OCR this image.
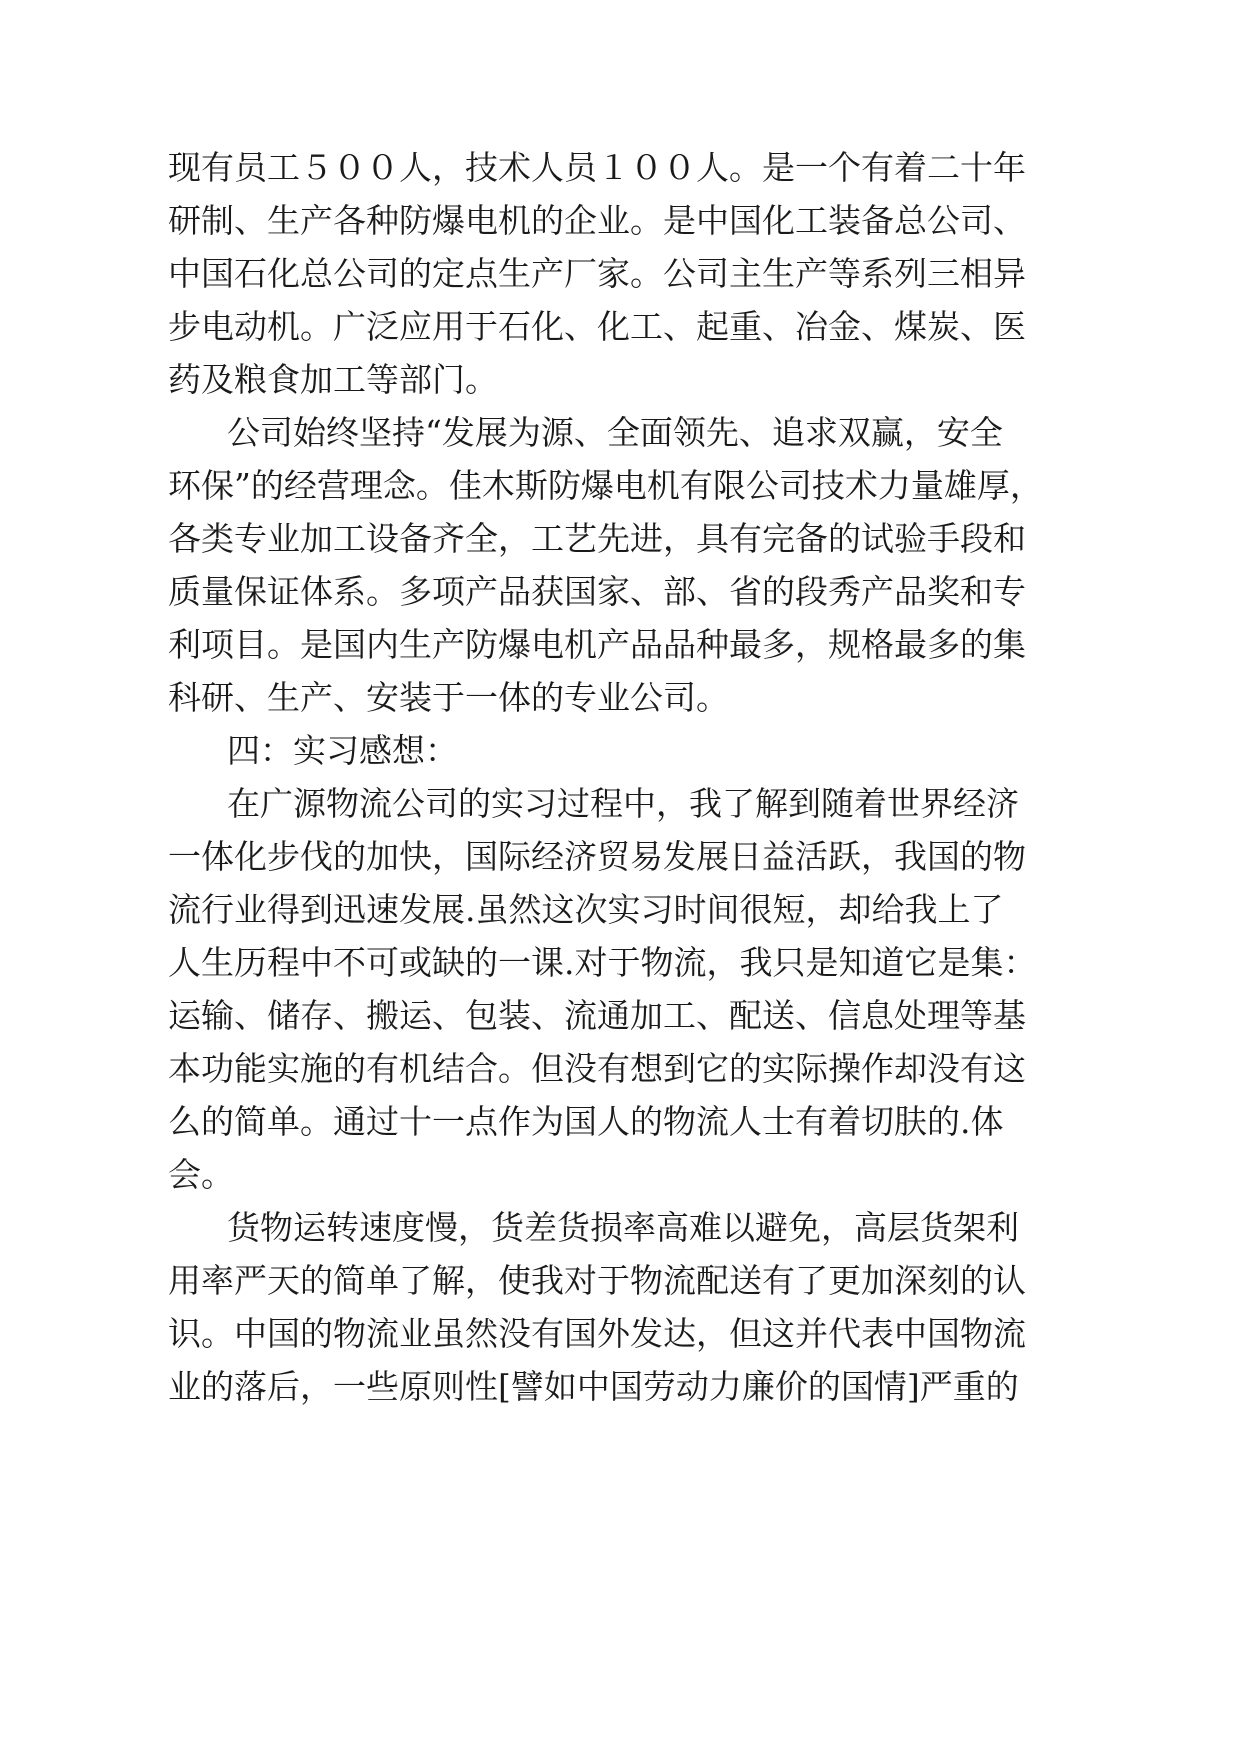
现有员工５００人，技术人员１００人。是一个有着二十年
研制、生产各种防爆电机的企业。是中国化工装备总公司、
中国石化总公司的定点生产厂家。公司主生产等系列三相异
步电动机。广泛应用于石化、化工、起重、冶金、煤炭、医
药及粮食加工等部门。
公司始终坚持“发展为源、全面领先、追求双赢，安全
环保”的经营理念。佳木斯防爆电机有限公司技术力量雄厚，
各类专业加工设备齐全，工艺先进，具有完备的试验手段和
质量保证体系。多项产品获国家、部、省的段秀产品奖和专
利项目。是国内生产防爆电机产品品种最多，规格最多的集
科研、生产、安装于一体的专业公司。
四：实习感想：
在广源物流公司的实习过程中，我了解到随着世界经济
一体化步伐的加快，国际经济贸易发展日益活跃，我国的物
流行业得到迅速发展.虽然这次实习时间很短，却给我上了
人生历程中不可或缺的一课.对于物流，我只是知道它是集：
运输、储存、搬运、包装、流通加工、配送、信息处理等基
本功能实施的有机结合。但没有想到它的实际操作却没有这
么的简单。通过十一点作为国人的物流人士有着切肤的.体
会。
货物运转速度慢，货差货损率高难以避免，高层货架利
用率严天的简单了解，使我对于物流配送有了更加深刻的认
识。中国的物流业虽然没有国外发达，但这并代表中国物流
业的落后，一些原则性[譬如中国劳动力廉价的国情]严重的
